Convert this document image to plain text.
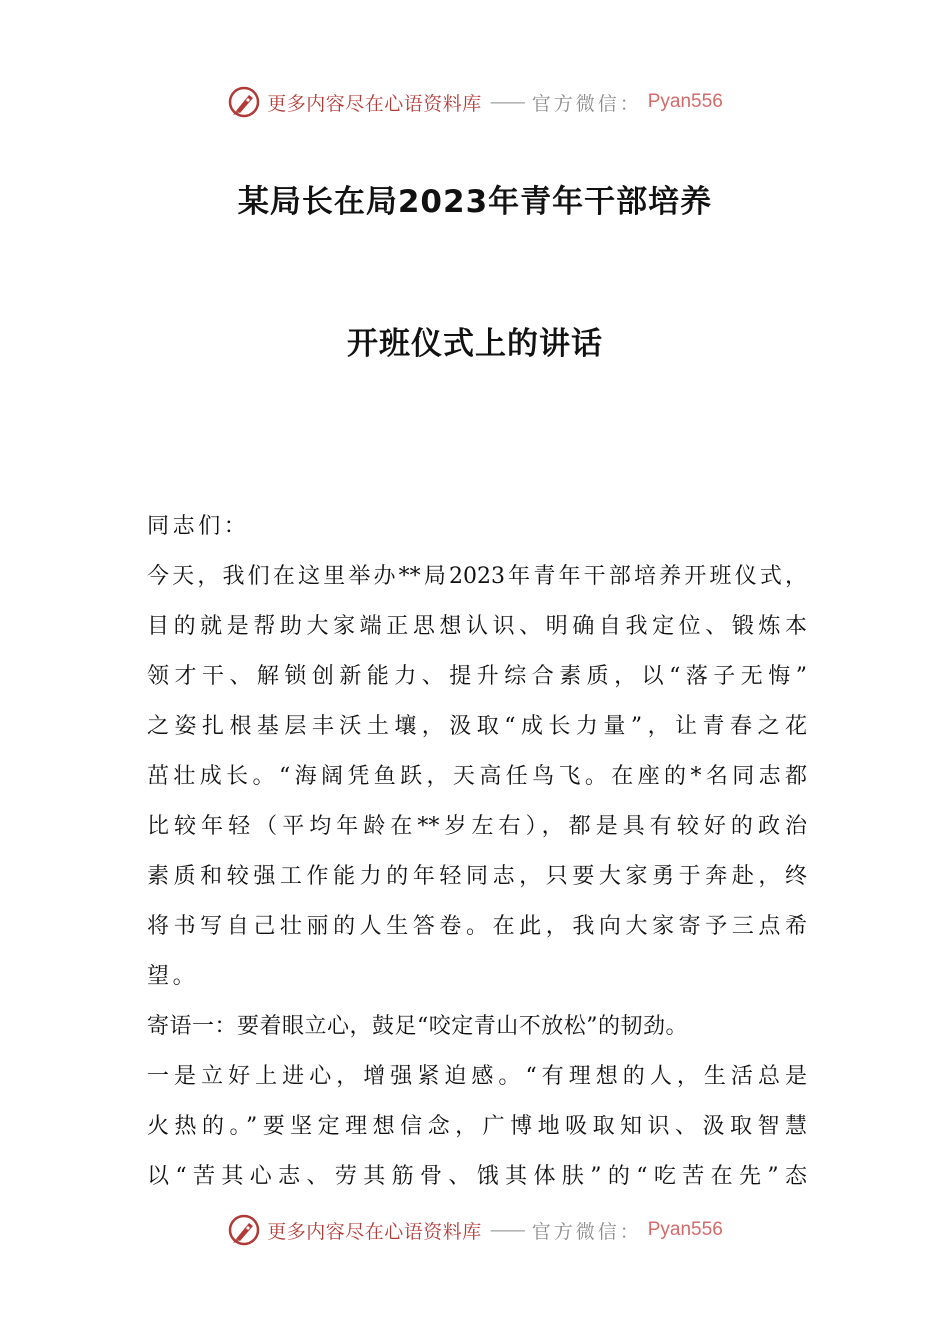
更多内容尽在心语资料库 —— 官方微信： Pyan556
某局长在局2023年青年干部培养
开班仪式上的讲话
同志们：
今天，我们在这里举办**局2023年青年干部培养开班仪式，
目的就是帮助大家端正思想认识、明确自我定位、锻炼本
领才干、解锁创新能力、提升综合素质，以“落子无悔”
之姿扎根基层丰沃土壤，汲取“成长力量”，让青春之花
茁壮成长。“海阔凭鱼跃，天高任鸟飞。在座的*名同志都
比较年轻（平均年龄在**岁左右），都是具有较好的政治
素质和较强工作能力的年轻同志，只要大家勇于奔赴，终
将书写自己壮丽的人生答卷。在此，我向大家寄予三点希
望。
寄语一：要着眼立心，鼓足“咬定青山不放松”的韧劲。
一是立好上进心，增强紧迫感。“有理想的人，生活总是
火热的。”要坚定理想信念，广博地吸取知识、汲取智慧
以“苦其心志、劳其筋骨、饿其体肤”的“吃苦在先”态
更多内容尽在心语资料库 —— 官方微信： Pyan556
